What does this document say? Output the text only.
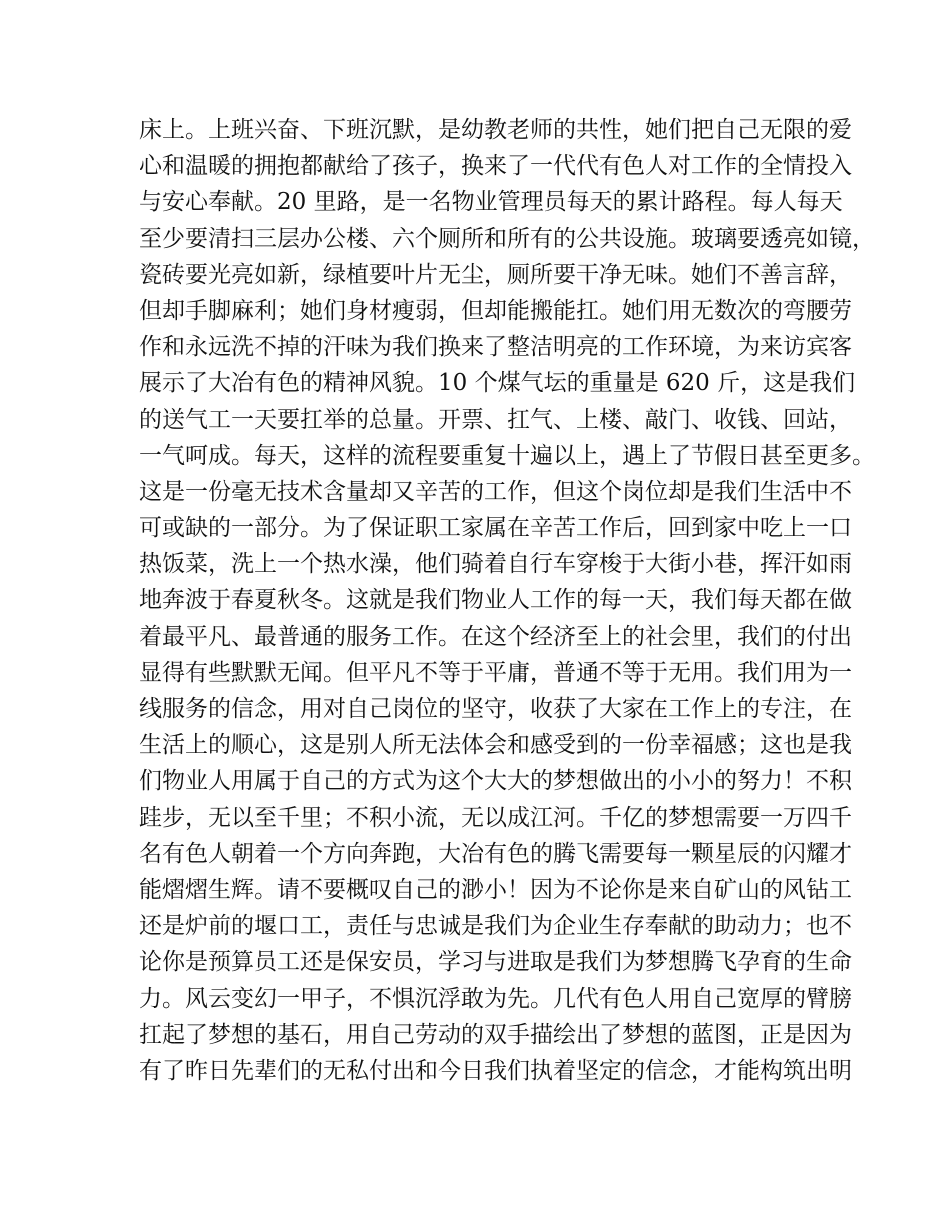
床上。上班兴奋、下班沉默，是幼教老师的共性，她们把自己无限的爱
心和温暖的拥抱都献给了孩子，换来了一代代有色人对工作的全情投入
与安心奉献。20 里路，是一名物业管理员每天的累计路程。每人每天
至少要清扫三层办公楼、六个厕所和所有的公共设施。玻璃要透亮如镜，
瓷砖要光亮如新，绿植要叶片无尘，厕所要干净无味。她们不善言辞，
但却手脚麻利；她们身材瘦弱，但却能搬能扛。她们用无数次的弯腰劳
作和永远洗不掉的汗味为我们换来了整洁明亮的工作环境，为来访宾客
展示了大冶有色的精神风貌。10 个煤气坛的重量是 620 斤，这是我们
的送气工一天要扛举的总量。开票、扛气、上楼、敲门、收钱、回站，
一气呵成。每天，这样的流程要重复十遍以上，遇上了节假日甚至更多。
这是一份毫无技术含量却又辛苦的工作，但这个岗位却是我们生活中不
可或缺的一部分。为了保证职工家属在辛苦工作后，回到家中吃上一口
热饭菜，洗上一个热水澡，他们骑着自行车穿梭于大街小巷，挥汗如雨
地奔波于春夏秋冬。这就是我们物业人工作的每一天，我们每天都在做
着最平凡、最普通的服务工作。在这个经济至上的社会里，我们的付出
显得有些默默无闻。但平凡不等于平庸，普通不等于无用。我们用为一
线服务的信念，用对自己岗位的坚守，收获了大家在工作上的专注，在
生活上的顺心，这是别人所无法体会和感受到的一份幸福感；这也是我
们物业人用属于自己的方式为这个大大的梦想做出的小小的努力！不积
跬步，无以至千里；不积小流，无以成江河。千亿的梦想需要一万四千
名有色人朝着一个方向奔跑，大冶有色的腾飞需要每一颗星辰的闪耀才
能熠熠生辉。请不要概叹自己的渺小！因为不论你是来自矿山的风钻工
还是炉前的堰口工，责任与忠诚是我们为企业生存奉献的助动力；也不
论你是预算员工还是保安员，学习与进取是我们为梦想腾飞孕育的生命
力。风云变幻一甲子，不惧沉浮敢为先。几代有色人用自己宽厚的臂膀
扛起了梦想的基石，用自己劳动的双手描绘出了梦想的蓝图，正是因为
有了昨日先辈们的无私付出和今日我们执着坚定的信念，才能构筑出明
